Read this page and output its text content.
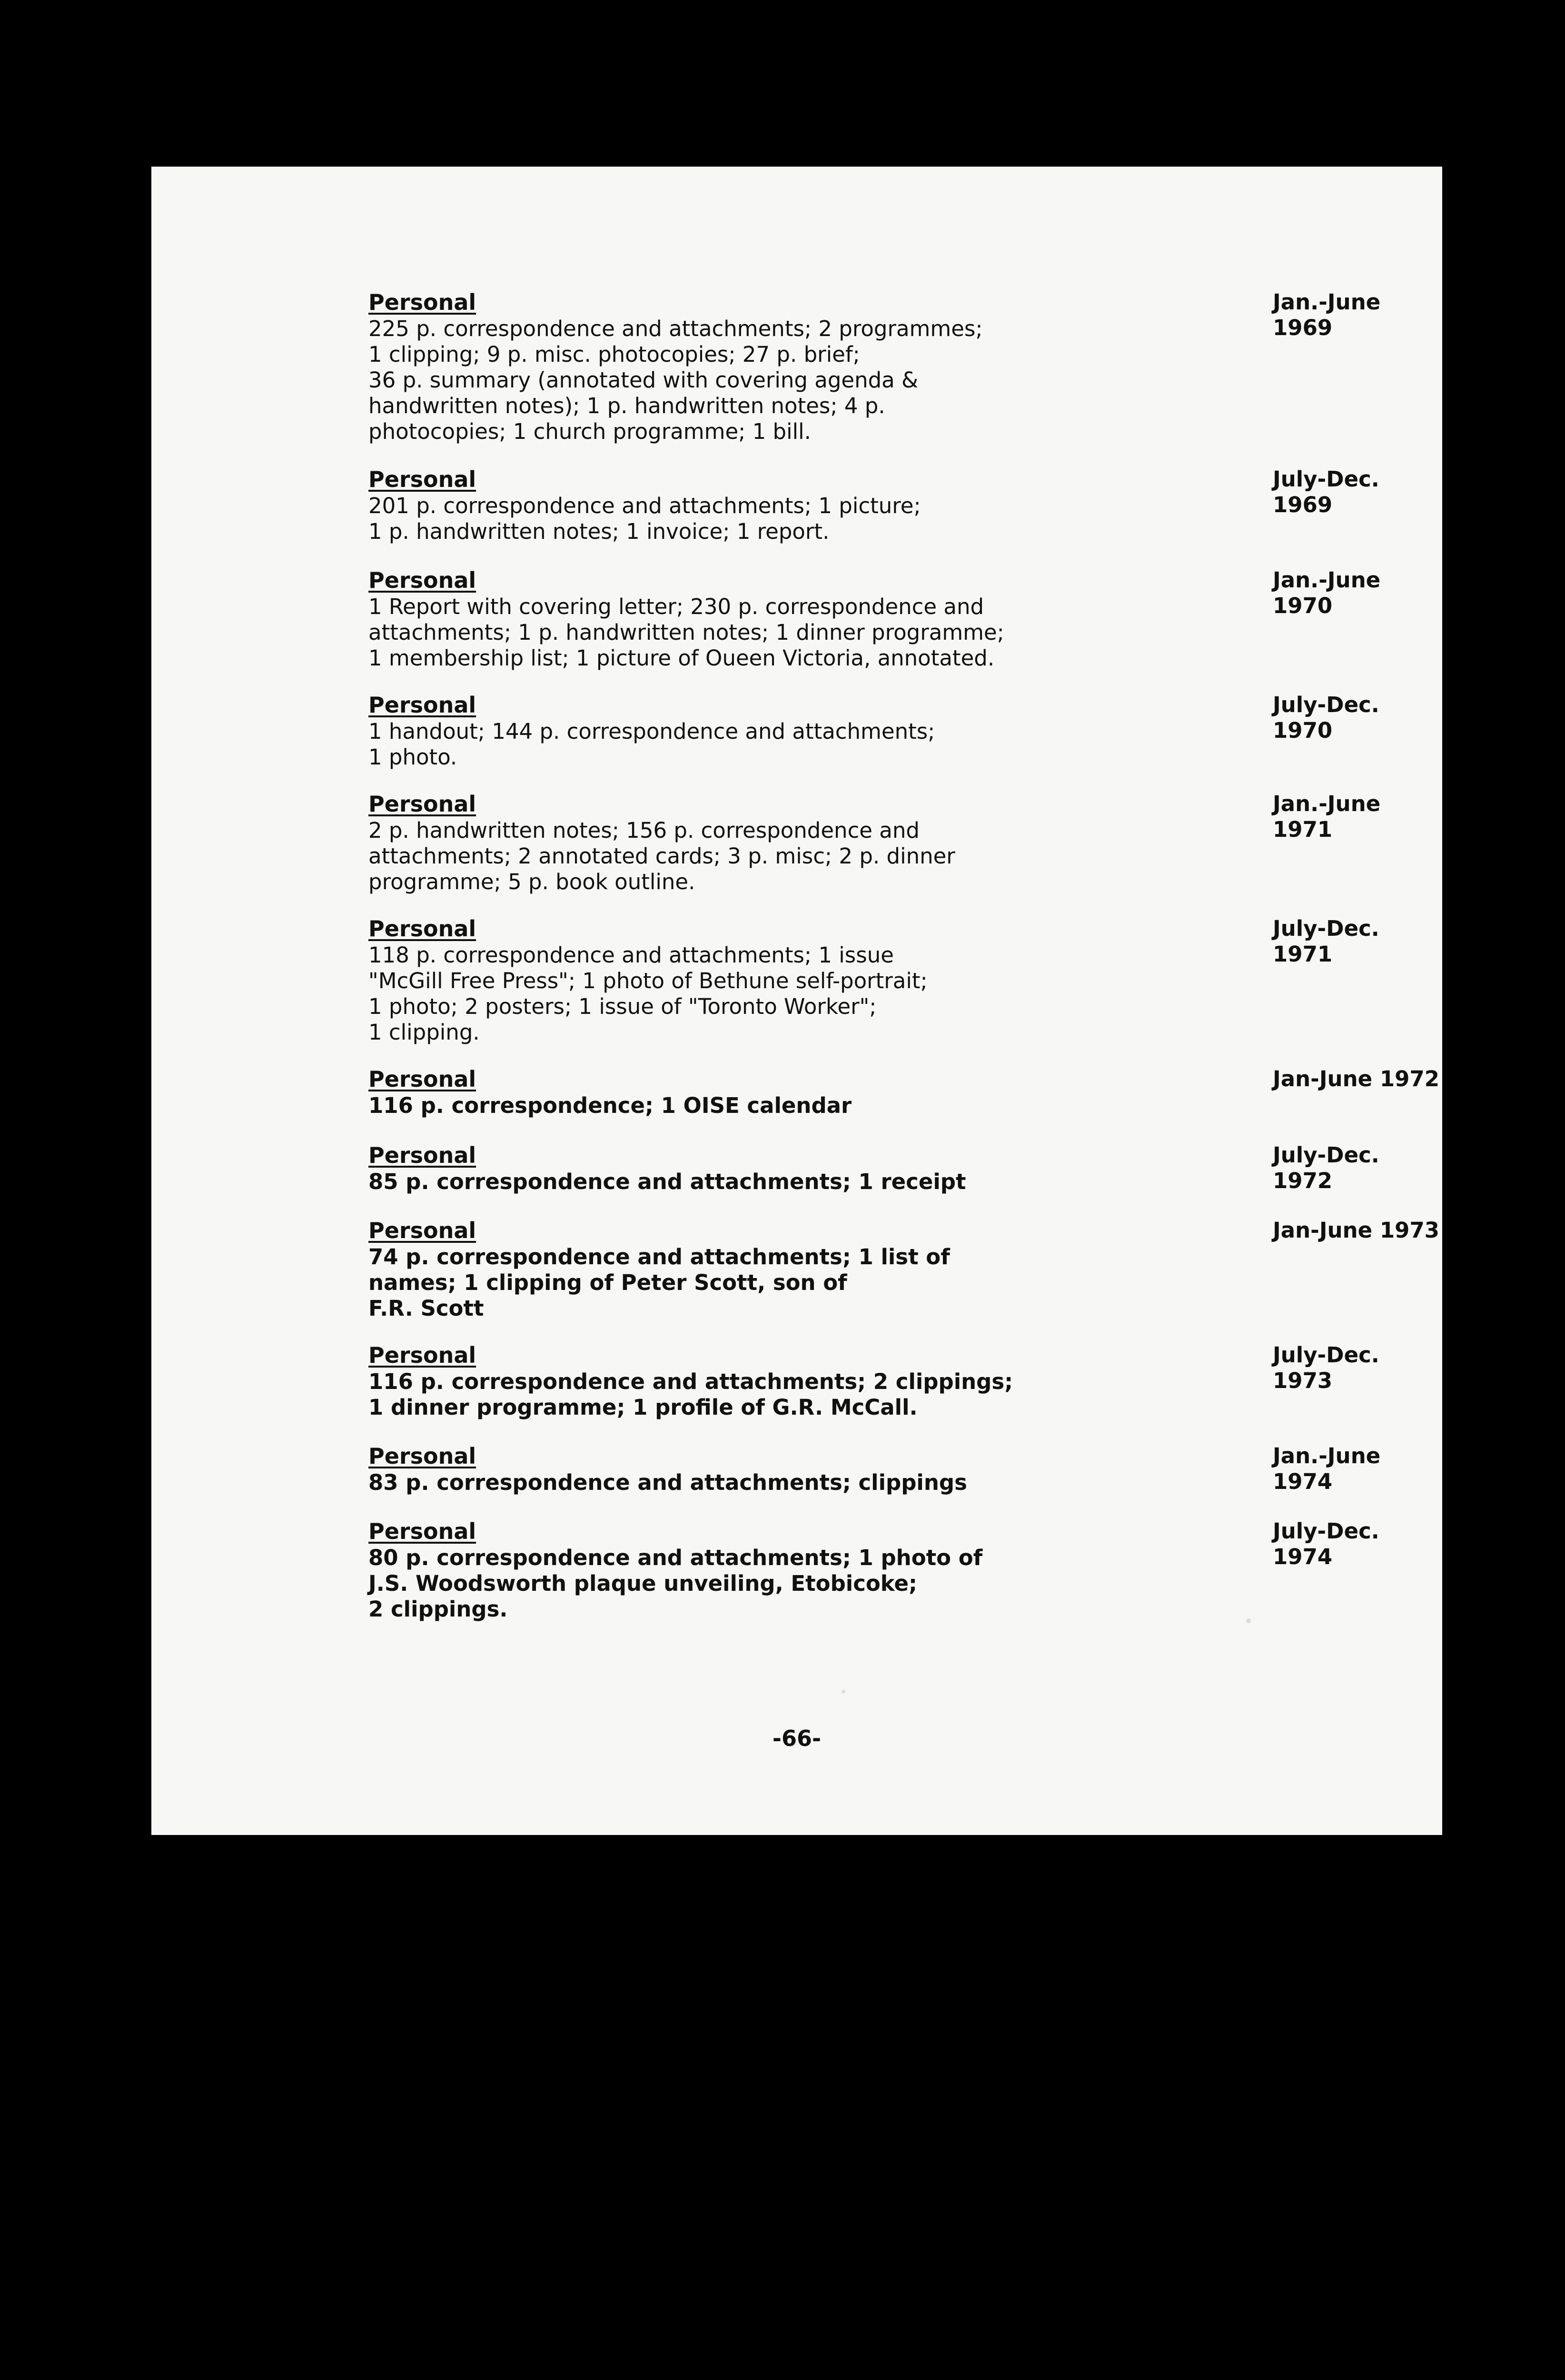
Personal
225 p. correspondence and attachments; 2 programmes;
1 clipping; 9 p. misc. photocopies; 27 p. brief;
36 p. summary (annotated with covering agenda &
handwritten notes); 1 p. handwritten notes; 4 p.
photocopies; 1 church programme; 1 bill.
Jan.-June 1969
Personal
201 p. correspondence and attachments; 1 picture;
1 p. handwritten notes; 1 invoice; 1 report.
July-Dec. 1969
Personal
1 Report with covering letter; 230 p. correspondence and
attachments; 1 p. handwritten notes; 1 dinner programme;
1 membership list; 1 picture of Oueen Victoria, annotated.
Jan.-June 1970
Personal
1 handout; 144 p. correspondence and attachments;
1 photo.
July-Dec. 1970
Personal
2 p. handwritten notes; 156 p. correspondence and
attachments; 2 annotated cards; 3 p. misc; 2 p. dinner
programme; 5 p. book outline.
Jan.-June 1971
Personal
118 p. correspondence and attachments; 1 issue
"McGill Free Press"; 1 photo of Bethune self-portrait;
1 photo; 2 posters; 1 issue of "Toronto Worker";
1 clipping.
July-Dec. 1971
Personal
116 p. correspondence; 1 OISE calendar
Jan-June 1972
Personal
85 p. correspondence and attachments; 1 receipt
July-Dec. 1972
Personal
74 p. correspondence and attachments; 1 list of
names; 1 clipping of Peter Scott, son of
F.R. Scott
Jan-June 1973
Personal
116 p. correspondence and attachments; 2 clippings;
1 dinner programme; 1 profile of G.R. McCall.
July-Dec. 1973
Personal
83 p. correspondence and attachments; clippings
Jan.-June 1974
Personal
80 p. correspondence and attachments; 1 photo of
J.S. Woodsworth plaque unveiling, Etobicoke;
2 clippings.
July-Dec. 1974
-66-
